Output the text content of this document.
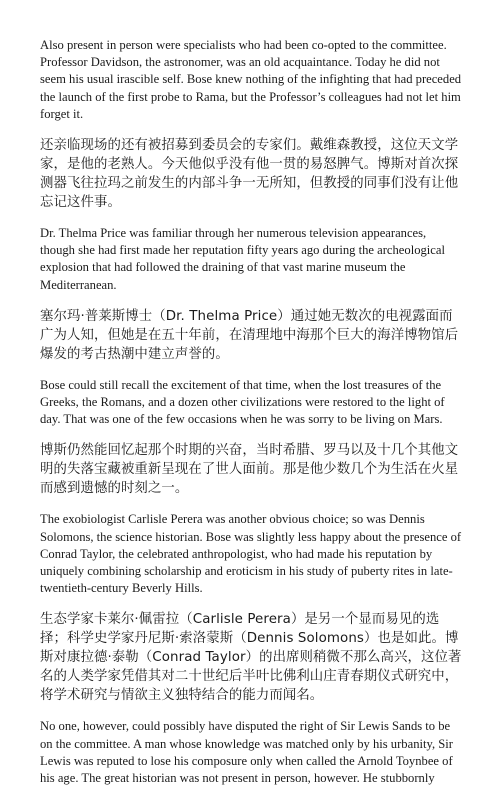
Also present in person were specialists who had been co-opted to the committee. Professor Davidson, the astronomer, was an old acquaintance. Today he did not seem his usual irascible self. Bose knew nothing of the infighting that had preceded the launch of the first probe to Rama, but the Professor’s colleagues had not let him forget it.

还亲临现场的还有被招募到委员会的专家们。戴维森教授，这位天文学家，是他的老熟人。今天他似乎没有他一贯的易怒脾气。博斯对首次探测器飞往拉玛之前发生的内部斗争一无所知，但教授的同事们没有让他忘记这件事。

Dr. Thelma Price was familiar through her numerous television appearances, though she had first made her reputation fifty years ago during the archeological explosion that had followed the draining of that vast marine museum the Mediterranean.

塞尔玛·普莱斯博士（Dr. Thelma Price）通过她无数次的电视露面而广为人知，但她是在五十年前，在清理地中海那个巨大的海洋博物馆后爆发的考古热潮中建立声誉的。

Bose could still recall the excitement of that time, when the lost treasures of the Greeks, the Romans, and a dozen other civilizations were restored to the light of day. That was one of the few occasions when he was sorry to be living on Mars.

博斯仍然能回忆起那个时期的兴奋，当时希腊、罗马以及十几个其他文明的失落宝藏被重新呈现在了世人面前。那是他少数几个为生活在火星而感到遗憾的时刻之一。

The exobiologist Carlisle Perera was another obvious choice; so was Dennis Solomons, the science historian. Bose was slightly less happy about the presence of Conrad Taylor, the celebrated anthropologist, who had made his reputation by uniquely combining scholarship and eroticism in his study of puberty rites in late-twentieth-century Beverly Hills.

生态学家卡莱尔·佩雷拉（Carlisle Perera）是另一个显而易见的选择；科学史学家丹尼斯·索洛蒙斯（Dennis Solomons）也是如此。博斯对康拉德·泰勒（Conrad Taylor）的出席则稍微不那么高兴，这位著名的人类学家凭借其对二十世纪后半叶比佛利山庄青春期仪式研究中，将学术研究与情欲主义独特结合的能力而闻名。

No one, however, could possibly have disputed the right of Sir Lewis Sands to be on the committee. A man whose knowledge was matched only by his urbanity, Sir Lewis was reputed to lose his composure only when called the Arnold Toynbee of his age. The great historian was not present in person, however. He stubbornly
